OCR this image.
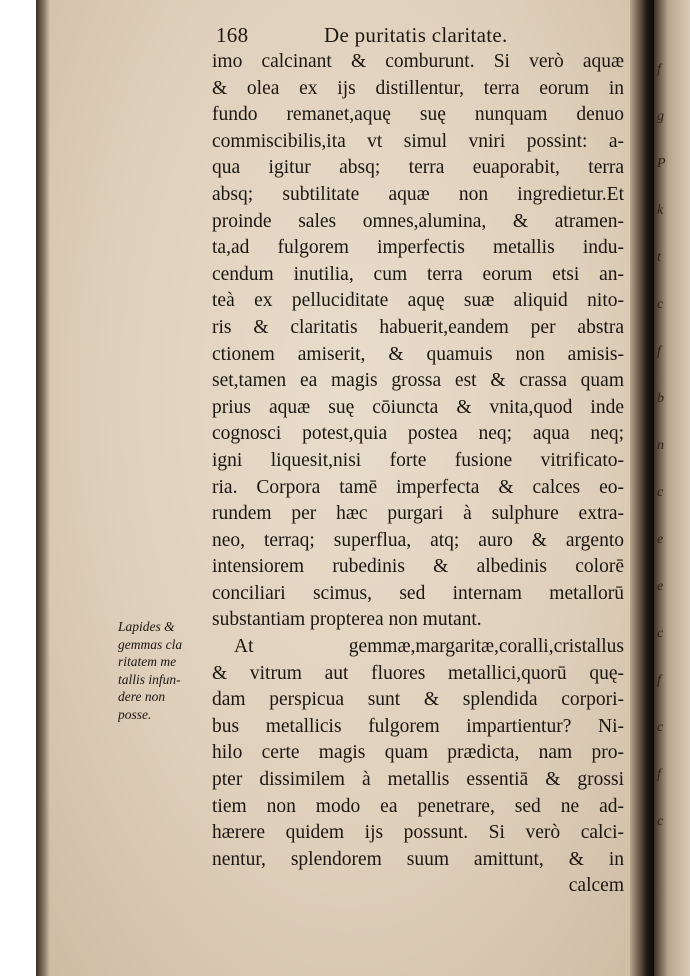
f
g
P
k
t
c
f
b
n
c
e
e
c
f
c
f
c
168	De puritatis claritate.
imo calcinant & comburunt. Si verò aquæ
& olea ex ijs distillentur, terra eorum in
fundo remanet,aquę suę nunquam denuo
commiscibilis,ita vt simul vniri possint: a-
qua igitur absq; terra euaporabit, terra
absq; subtilitate aquæ non ingredietur.Et
proinde sales omnes,alumina, & atramen-
ta,ad fulgorem imperfectis metallis indu-
cendum inutilia, cum terra eorum etsi an-
teà ex pelluciditate aquę suæ aliquid nito-
ris & claritatis habuerit,eandem per abstra
ctionem amiserit, & quamuis non amisis-
set,tamen ea magis grossa est & crassa quam
prius aquæ suę cōiuncta & vnita,quod inde
cognosci potest,quia postea neq; aqua neq;
igni liquesit,nisi forte fusione vitrificato-
ria. Corpora tamē imperfecta & calces eo-
rundem per hæc purgari à sulphure extra-
neo, terraq; superflua, atq; auro & argento
intensiorem rubedinis & albedinis colorē
conciliari scimus, sed internam metallorū
substantiam propterea non mutant.
At gemmæ,margaritæ,coralli,cristallus
& vitrum aut fluores metallici,quorū quę-
dam perspicua sunt & splendida corpori-
bus metallicis fulgorem impartientur? Ni-
hilo certe magis quam prædicta, nam pro-
pter dissimilem à metallis essentiā & grossi
tiem non modo ea penetrare, sed ne ad-
hærere quidem ijs possunt. Si verò calci-
nentur, splendorem suum amittunt, & in
calcem
Lapides &
gemmas cla
ritatem me
tallis infun-
dere non
posse.
